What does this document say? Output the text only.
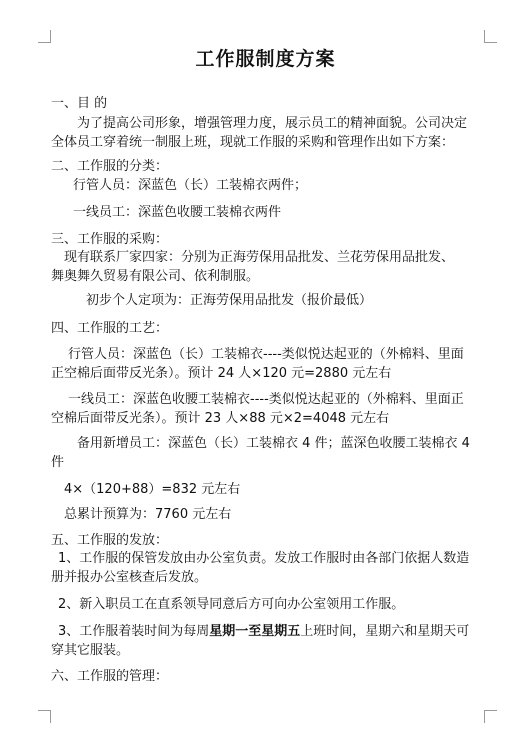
工作服制度方案
一、目 的
为了提高公司形象，增强管理力度，展示员工的精神面貌。公司决定
全体员工穿着统一制服上班，现就工作服的采购和管理作出如下方案：
二、工作服的分类：
行管人员：深蓝色（长）工装棉衣两件；
一线员工：深蓝色收腰工装棉衣两件
三、工作服的采购：
现有联系厂家四家：分别为正海劳保用品批发、兰花劳保用品批发、
舞奥舞久贸易有限公司、依利制服。
初步个人定项为：正海劳保用品批发（报价最低）
四、工作服的工艺：
行管人员：深蓝色（长）工装棉衣----类似悦达起亚的（外棉料、里面
正空棉后面带反光条）。预计 24 人×120 元=2880 元左右
一线员工：深蓝色收腰工装棉衣----类似悦达起亚的（外棉料、里面正
空棉后面带反光条）。预计 23 人×88 元×2=4048 元左右
备用新增员工：深蓝色（长）工装棉衣 4 件；蓝深色收腰工装棉衣 4
件
4×（120+88）=832 元左右
总累计预算为：7760 元左右
五、工作服的发放：
1、工作服的保管发放由办公室负责。发放工作服时由各部门依据人数造
册并报办公室核查后发放。
2、新入职员工在直系领导同意后方可向办公室领用工作服。
3、工作服着装时间为每周星期一至星期五上班时间，星期六和星期天可
穿其它服装。
六、工作服的管理：
